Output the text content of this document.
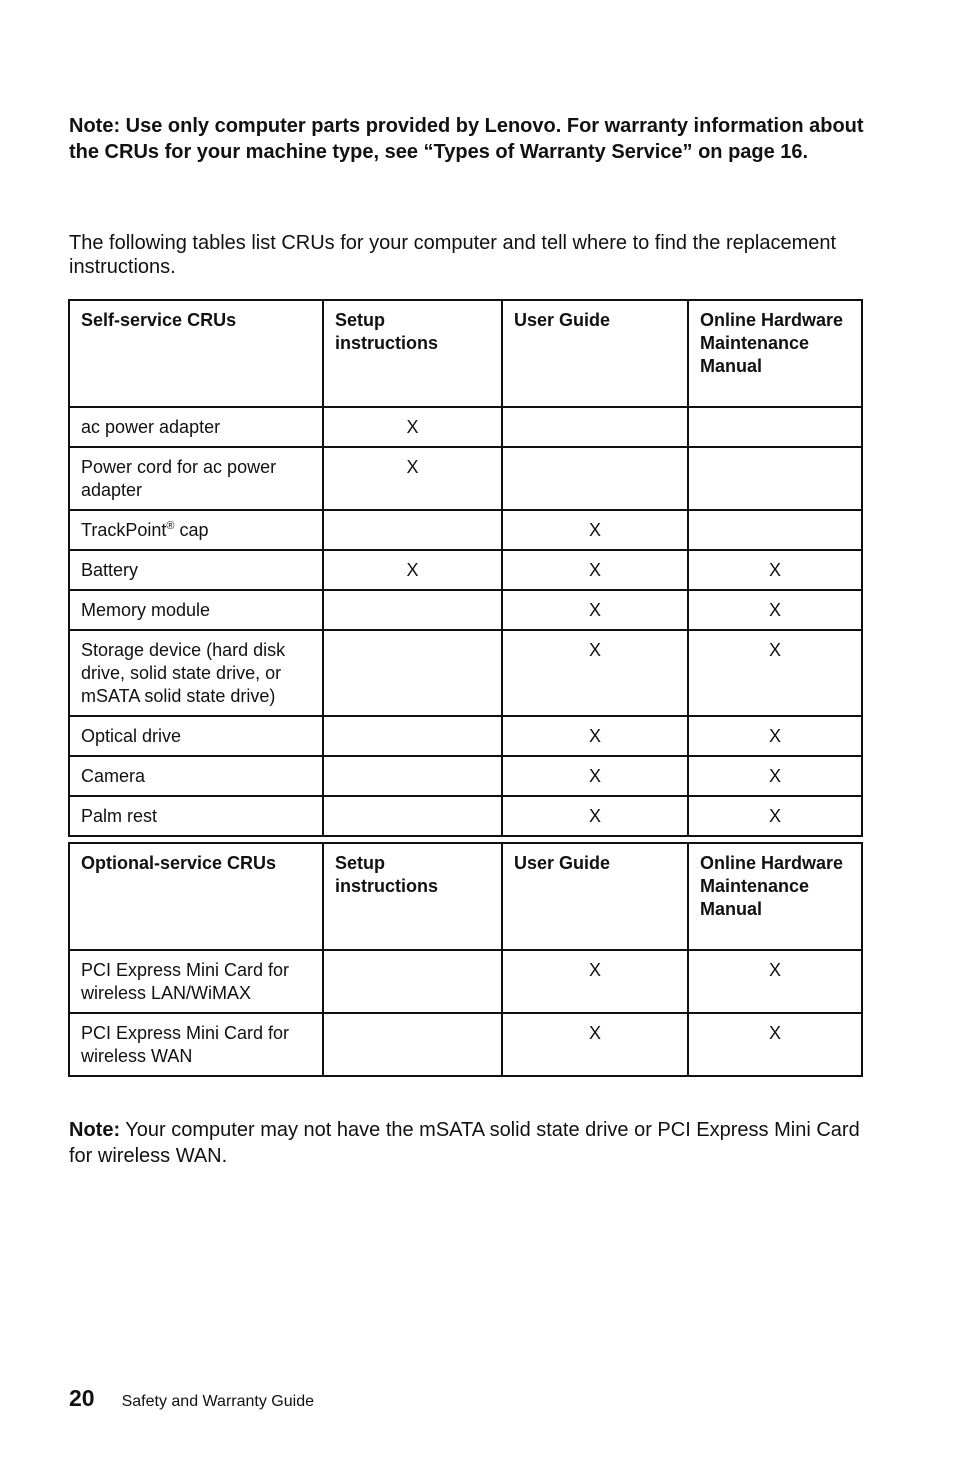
Note: Use only computer parts provided by Lenovo. For warranty information about the CRUs for your machine type, see “Types of Warranty Service” on page 16.
The following tables list CRUs for your computer and tell where to find the replacement instructions.
Self-service CRUs	Setup instructions	User Guide	Online Hardware Maintenance Manual
ac power adapter	X		
Power cord for ac power adapter	X		
TrackPoint® cap		X	
Battery	X	X	X
Memory module		X	X
Storage device (hard disk drive, solid state drive, or mSATA solid state drive)		X	X
Optical drive		X	X
Camera		X	X
Palm rest		X	X
Optional-service CRUs	Setup instructions	User Guide	Online Hardware Maintenance Manual
PCI Express Mini Card for wireless LAN/WiMAX		X	X
PCI Express Mini Card for wireless WAN		X	X
Note: Your computer may not have the mSATA solid state drive or PCI Express Mini Card for wireless WAN.
20 Safety and Warranty Guide
